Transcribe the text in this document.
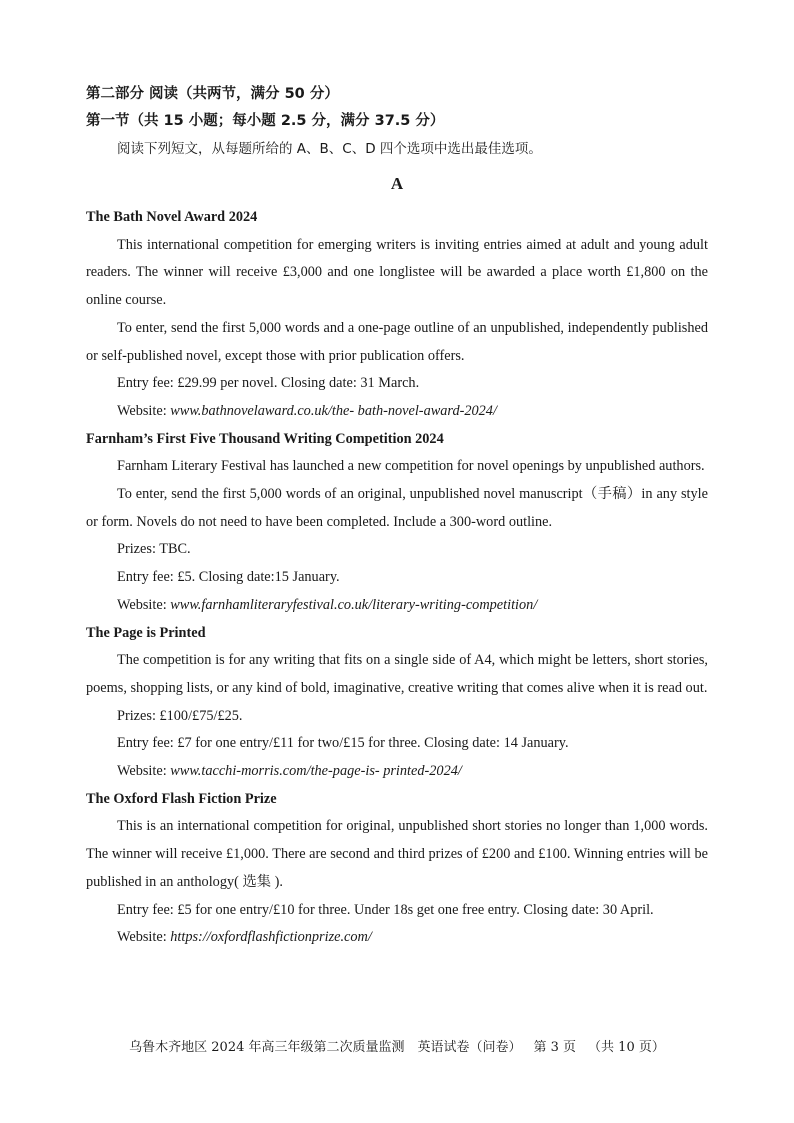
第二部分 阅读（共两节，满分 50 分）
第一节（共 15 小题；每小题 2.5 分，满分 37.5 分）
阅读下列短文，从每题所给的 A、B、C、D 四个选项中选出最佳选项。
A
The Bath Novel Award 2024
This international competition for emerging writers is inviting entries aimed at adult and young adult readers. The winner will receive £3,000 and one longlistee will be awarded a place worth £1,800 on the online course.
To enter, send the first 5,000 words and a one-page outline of an unpublished, independently published or self-published novel, except those with prior publication offers.
Entry fee: £29.99 per novel. Closing date: 31 March.
Website: www.bathnovelaward.co.uk/the- bath-novel-award-2024/
Farnham’s First Five Thousand Writing Competition 2024
Farnham Literary Festival has launched a new competition for novel openings by unpublished authors.
To enter, send the first 5,000 words of an original, unpublished novel manuscript（手稿）in any style or form. Novels do not need to have been completed. Include a 300-word outline.
Prizes: TBC.
Entry fee: £5. Closing date:15 January.
Website: www.farnhamliteraryfestival.co.uk/literary-writing-competition/
The Page is Printed
The competition is for any writing that fits on a single side of A4, which might be letters, short stories, poems, shopping lists, or any kind of bold, imaginative, creative writing that comes alive when it is read out.
Prizes: £100/£75/£25.
Entry fee: £7 for one entry/£11 for two/£15 for three. Closing date: 14 January.
Website: www.tacchi-morris.com/the-page-is- printed-2024/
The Oxford Flash Fiction Prize
This is an international competition for original, unpublished short stories no longer than 1,000 words. The winner will receive £1,000. There are second and third prizes of £200 and £100. Winning entries will be published in an anthology( 选集 ).
Entry fee: £5 for one entry/£10 for three. Under 18s get one free entry. Closing date: 30 April.
Website: https://oxfordflashfictionprize.com/
乌鲁木齐地区 2024 年高三年级第二次质量监测　英语试卷（问卷） 第 3 页 （共 10 页）
